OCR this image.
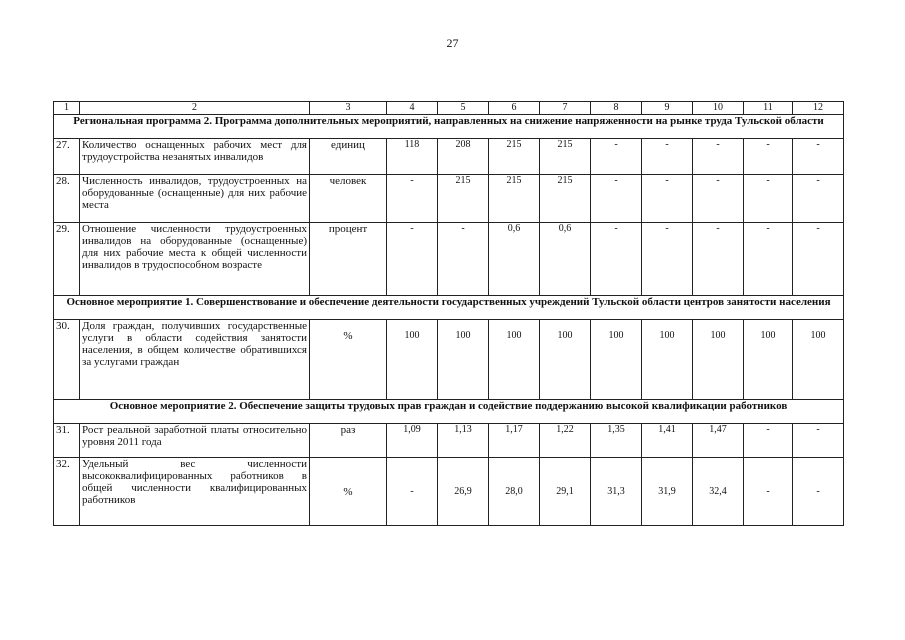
27
1	2	3	4	5	6	7	8	9	10	11	12
Региональная программа 2. Программа дополнительных мероприятий, направленных на снижение напряженности на рынке труда Тульской области											
27.	Количество оснащенных рабочих мест для трудоустройства незанятых инвалидов	единиц	118	208	215	215	-	-	-	-	-
28.	Численность инвалидов, трудоустроенных на оборудованные (оснащенные) для них рабочие места	человек	-	215	215	215	-	-	-	-	-
29.	Отношение численности трудоустроенных инвалидов на оборудованные (оснащенные) для них рабочие места к общей численности инвалидов в трудоспособном возрасте	процент	-	-	0,6	0,6	-	-	-	-	-
Основное мероприятие 1. Совершенствование и обеспечение деятельности государственных учреждений Тульской области центров занятости населения											
30.	Доля граждан, получивших государственные услуги в области содействия занятости населения, в общем количестве обратившихся за услугами граждан	%	100	100	100	100	100	100	100	100	100
Основное мероприятие 2. Обеспечение защиты трудовых прав граждан и содействие поддержанию высокой квалификации работников											
31.	Рост реальной заработной платы относительно уровня 2011 года	раз	1,09	1,13	1,17	1,22	1,35	1,41	1,47	-	-
32.	Удельный вес численности высококвалифицированных работников в общей численности квалифицированных работников	%	-	26,9	28,0	29,1	31,3	31,9	32,4	-	-
